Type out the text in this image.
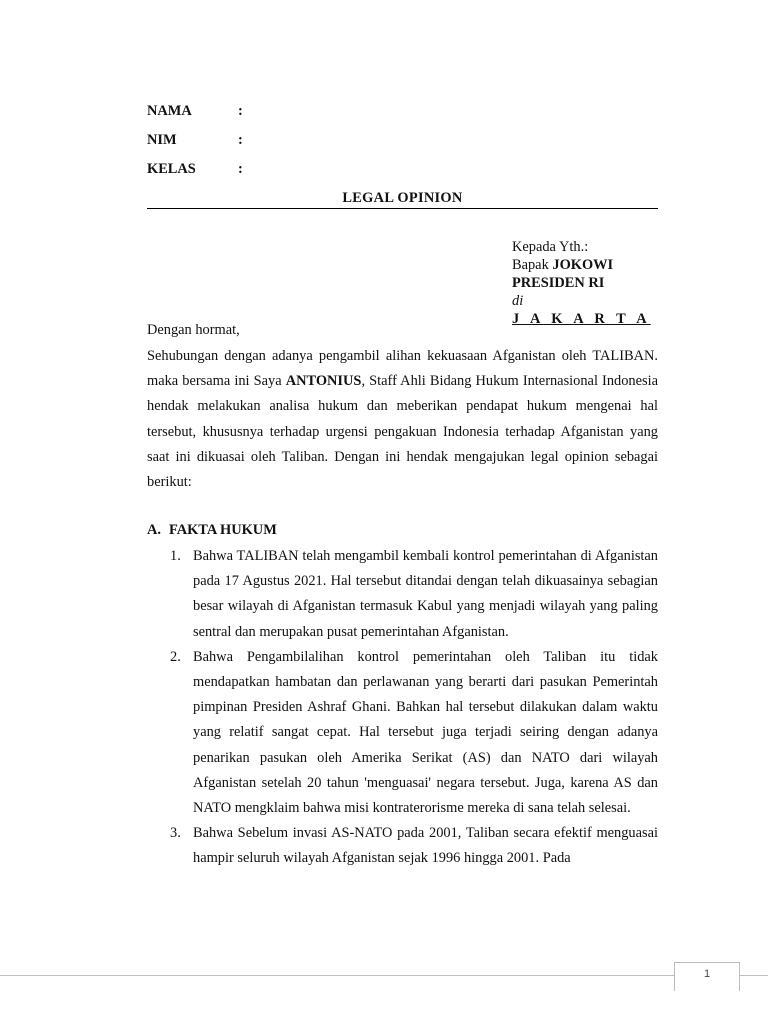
NAMA	:
NIM	:
KELAS	:
LEGAL OPINION
Kepada Yth.:
Bapak JOKOWI
PRESIDEN RI
di
J A K A R T A
Dengan hormat,

Sehubungan dengan adanya pengambil alihan kekuasaan Afganistan oleh TALIBAN. maka bersama ini Saya ANTONIUS, Staff Ahli Bidang Hukum Internasional Indonesia hendak melakukan analisa hukum dan meberikan pendapat hukum mengenai hal tersebut, khususnya terhadap urgensi pengakuan Indonesia terhadap Afganistan yang saat ini dikuasai oleh Taliban. Dengan ini hendak mengajukan legal opinion sebagai berikut:

A. FAKTA HUKUM
1. Bahwa TALIBAN telah mengambil kembali kontrol pemerintahan di Afganistan pada 17 Agustus 2021. Hal tersebut ditandai dengan telah dikuasainya sebagian besar wilayah di Afganistan termasuk Kabul yang menjadi wilayah yang paling sentral dan merupakan pusat pemerintahan Afganistan.
2. Bahwa Pengambilalihan kontrol pemerintahan oleh Taliban itu tidak mendapatkan hambatan dan perlawanan yang berarti dari pasukan Pemerintah pimpinan Presiden Ashraf Ghani. Bahkan hal tersebut dilakukan dalam waktu yang relatif sangat cepat. Hal tersebut juga terjadi seiring dengan adanya penarikan pasukan oleh Amerika Serikat (AS) dan NATO dari wilayah Afganistan setelah 20 tahun 'menguasai' negara tersebut. Juga, karena AS dan NATO mengklaim bahwa misi kontraterorisme mereka di sana telah selesai.
3. Bahwa Sebelum invasi AS-NATO pada 2001, Taliban secara efektif menguasai hampir seluruh wilayah Afganistan sejak 1996 hingga 2001. Pada
1
